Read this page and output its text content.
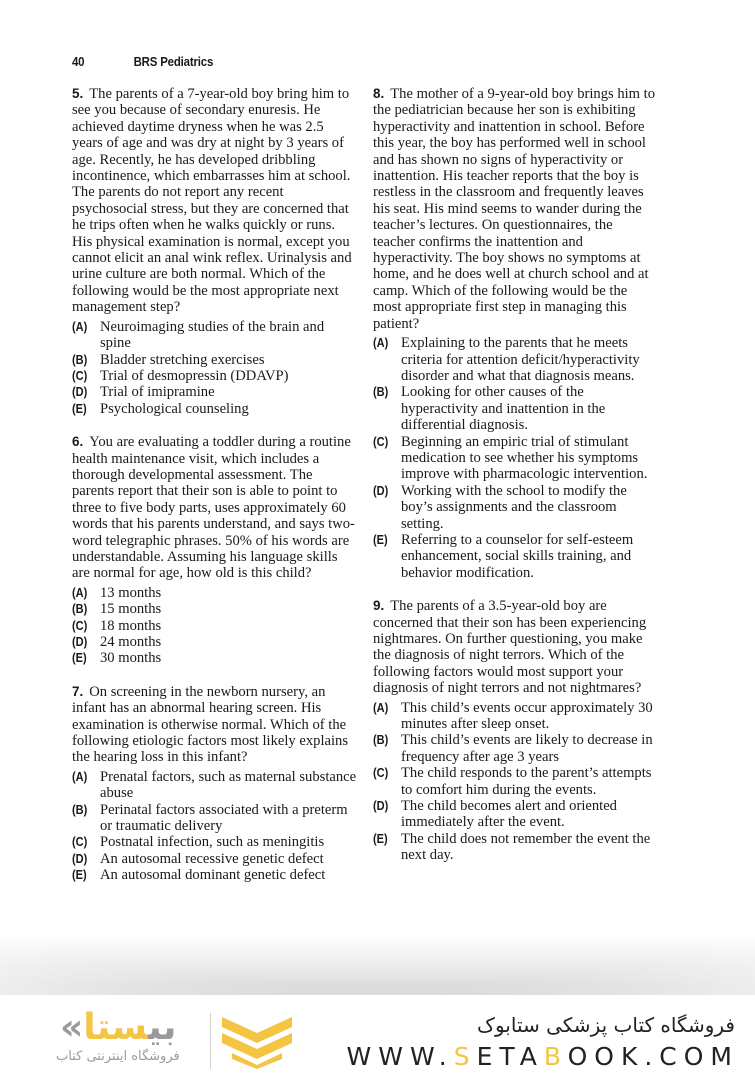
40	BRS Pediatrics

5. The parents of a 7-year-old boy bring him to see you because of secondary enuresis. He achieved daytime dryness when he was 2.5 years of age and was dry at night by 3 years of age. Recently, he has developed dribbling incontinence, which embarrasses him at school. The parents do not report any recent psychosocial stress, but they are concerned that he trips often when he walks quickly or runs. His physical examination is normal, except you cannot elicit an anal wink reflex. Urinalysis and urine culture are both normal. Which of the following would be the most appropriate next management step?

(A) Neuroimaging studies of the brain and spine
(B) Bladder stretching exercises
(C) Trial of desmopressin (DDAVP)
(D) Trial of imipramine
(E) Psychological counseling

6. You are evaluating a toddler during a routine health maintenance visit, which includes a thorough developmental assessment. The parents report that their son is able to point to three to five body parts, uses approximately 60 words that his parents understand, and says two-word telegraphic phrases. 50% of his words are understandable. Assuming his language skills are normal for age, how old is this child?

(A) 13 months
(B) 15 months
(C) 18 months
(D) 24 months
(E) 30 months

7. On screening in the newborn nursery, an infant has an abnormal hearing screen. His examination is otherwise normal. Which of the following etiologic factors most likely explains the hearing loss in this infant?

(A) Prenatal factors, such as maternal substance abuse
(B) Perinatal factors associated with a preterm or traumatic delivery
(C) Postnatal infection, such as meningitis
(D) An autosomal recessive genetic defect
(E) An autosomal dominant genetic defect

8. The mother of a 9-year-old boy brings him to the pediatrician because her son is exhibiting hyperactivity and inattention in school. Before this year, the boy has performed well in school and has shown no signs of hyperactivity or inattention. His teacher reports that the boy is restless in the classroom and frequently leaves his seat. His mind seems to wander during the teacher’s lectures. On questionnaires, the teacher confirms the inattention and hyperactivity. The boy shows no symptoms at home, and he does well at church school and at camp. Which of the following would be the most appropriate first step in managing this patient?

(A) Explaining to the parents that he meets criteria for attention deficit/hyperactivity disorder and what that diagnosis means.
(B) Looking for other causes of the hyperactivity and inattention in the differential diagnosis.
(C) Beginning an empiric trial of stimulant medication to see whether his symptoms improve with pharmacologic intervention.
(D) Working with the school to modify the boy’s assignments and the classroom setting.
(E) Referring to a counselor for self-esteem enhancement, social skills training, and behavior modification.

9. The parents of a 3.5-year-old boy are concerned that their son has been experiencing nightmares. On further questioning, you make the diagnosis of night terrors. Which of the following factors would most support your diagnosis of night terrors and not nightmares?

(A) This child’s events occur approximately 30 minutes after sleep onset.
(B) This child’s events are likely to decrease in frequency after age 3 years
(C) The child responds to the parent’s attempts to comfort him during the events.
(D) The child becomes alert and oriented immediately after the event.
(E) The child does not remember the event the next day.
«بیستا
فروشگاه اینترنتی کتاب
فروشگاه کتاب پزشکی ستابوک
WWW.SETABOOK.COM
